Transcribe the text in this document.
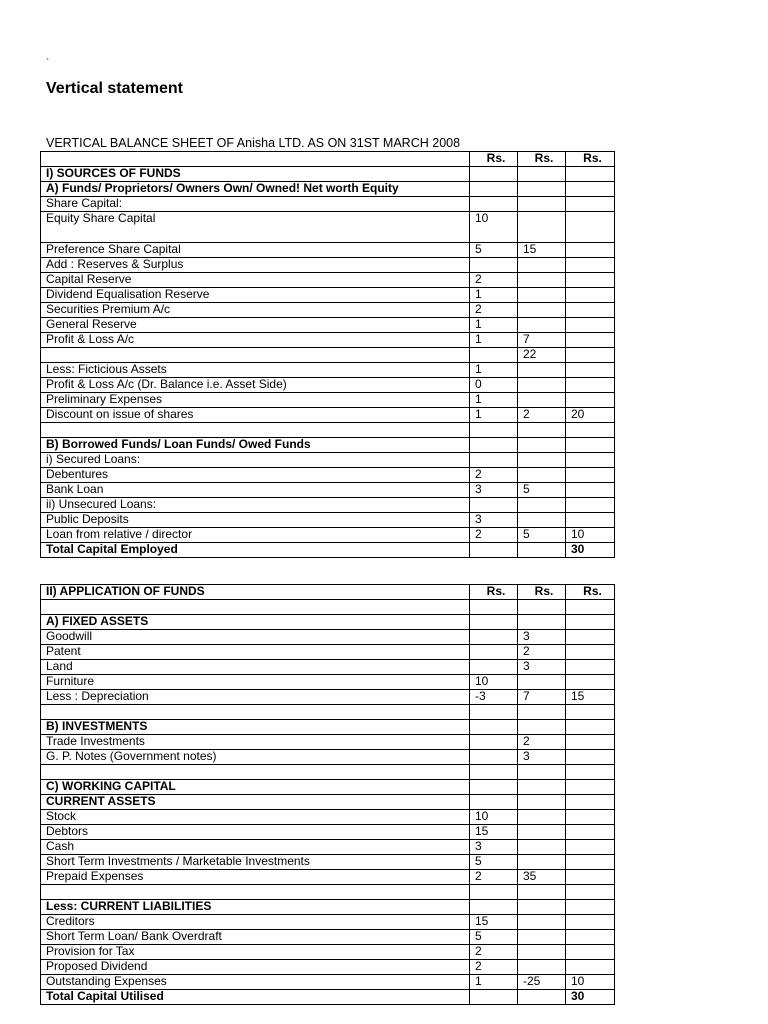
`
Vertical statement
VERTICAL BALANCE SHEET OF Anisha LTD. AS ON 31ST MARCH 2008
	Rs.	Rs.	Rs.
I) SOURCES OF FUNDS			
A) Funds/ Proprietors/ Owners Own/ Owned! Net worth Equity			
Share Capital:			
Equity Share Capital	10		
Preference Share Capital	5	15	
Add : Reserves & Surplus			
Capital Reserve	2		
Dividend Equalisation Reserve	1		
Securities Premium A/c	2		
General Reserve	1		
Profit & Loss A/c	1	7	
		22	
Less: Ficticious Assets	1		
Profit & Loss A/c (Dr. Balance i.e. Asset Side)	0		
Preliminary Expenses	1		
Discount on issue of shares	1	2	20

B) Borrowed Funds/ Loan Funds/ Owed Funds			
i) Secured Loans:			
Debentures	2		
Bank Loan	3	5	
ii) Unsecured Loans:			
Public Deposits	3		
Loan from relative / director	2	5	10
Total Capital Employed			30
II) APPLICATION OF FUNDS	Rs.	Rs.	Rs.

A) FIXED ASSETS			
Goodwill		3	
Patent		2	
Land		3	
Furniture	10		
Less : Depreciation	-3	7	15

B) INVESTMENTS			
Trade Investments		2	
G. P. Notes (Government notes)		3	

C) WORKING CAPITAL			
CURRENT ASSETS			
Stock	10		
Debtors	15		
Cash	3		
Short Term Investments / Marketable Investments	5		
Prepaid Expenses	2	35	

Less: CURRENT LIABILITIES			
Creditors	15		
Short Term Loan/ Bank Overdraft	5		
Provision for Tax	2		
Proposed Dividend	2		
Outstanding Expenses	1	-25	10
Total Capital Utilised			30
